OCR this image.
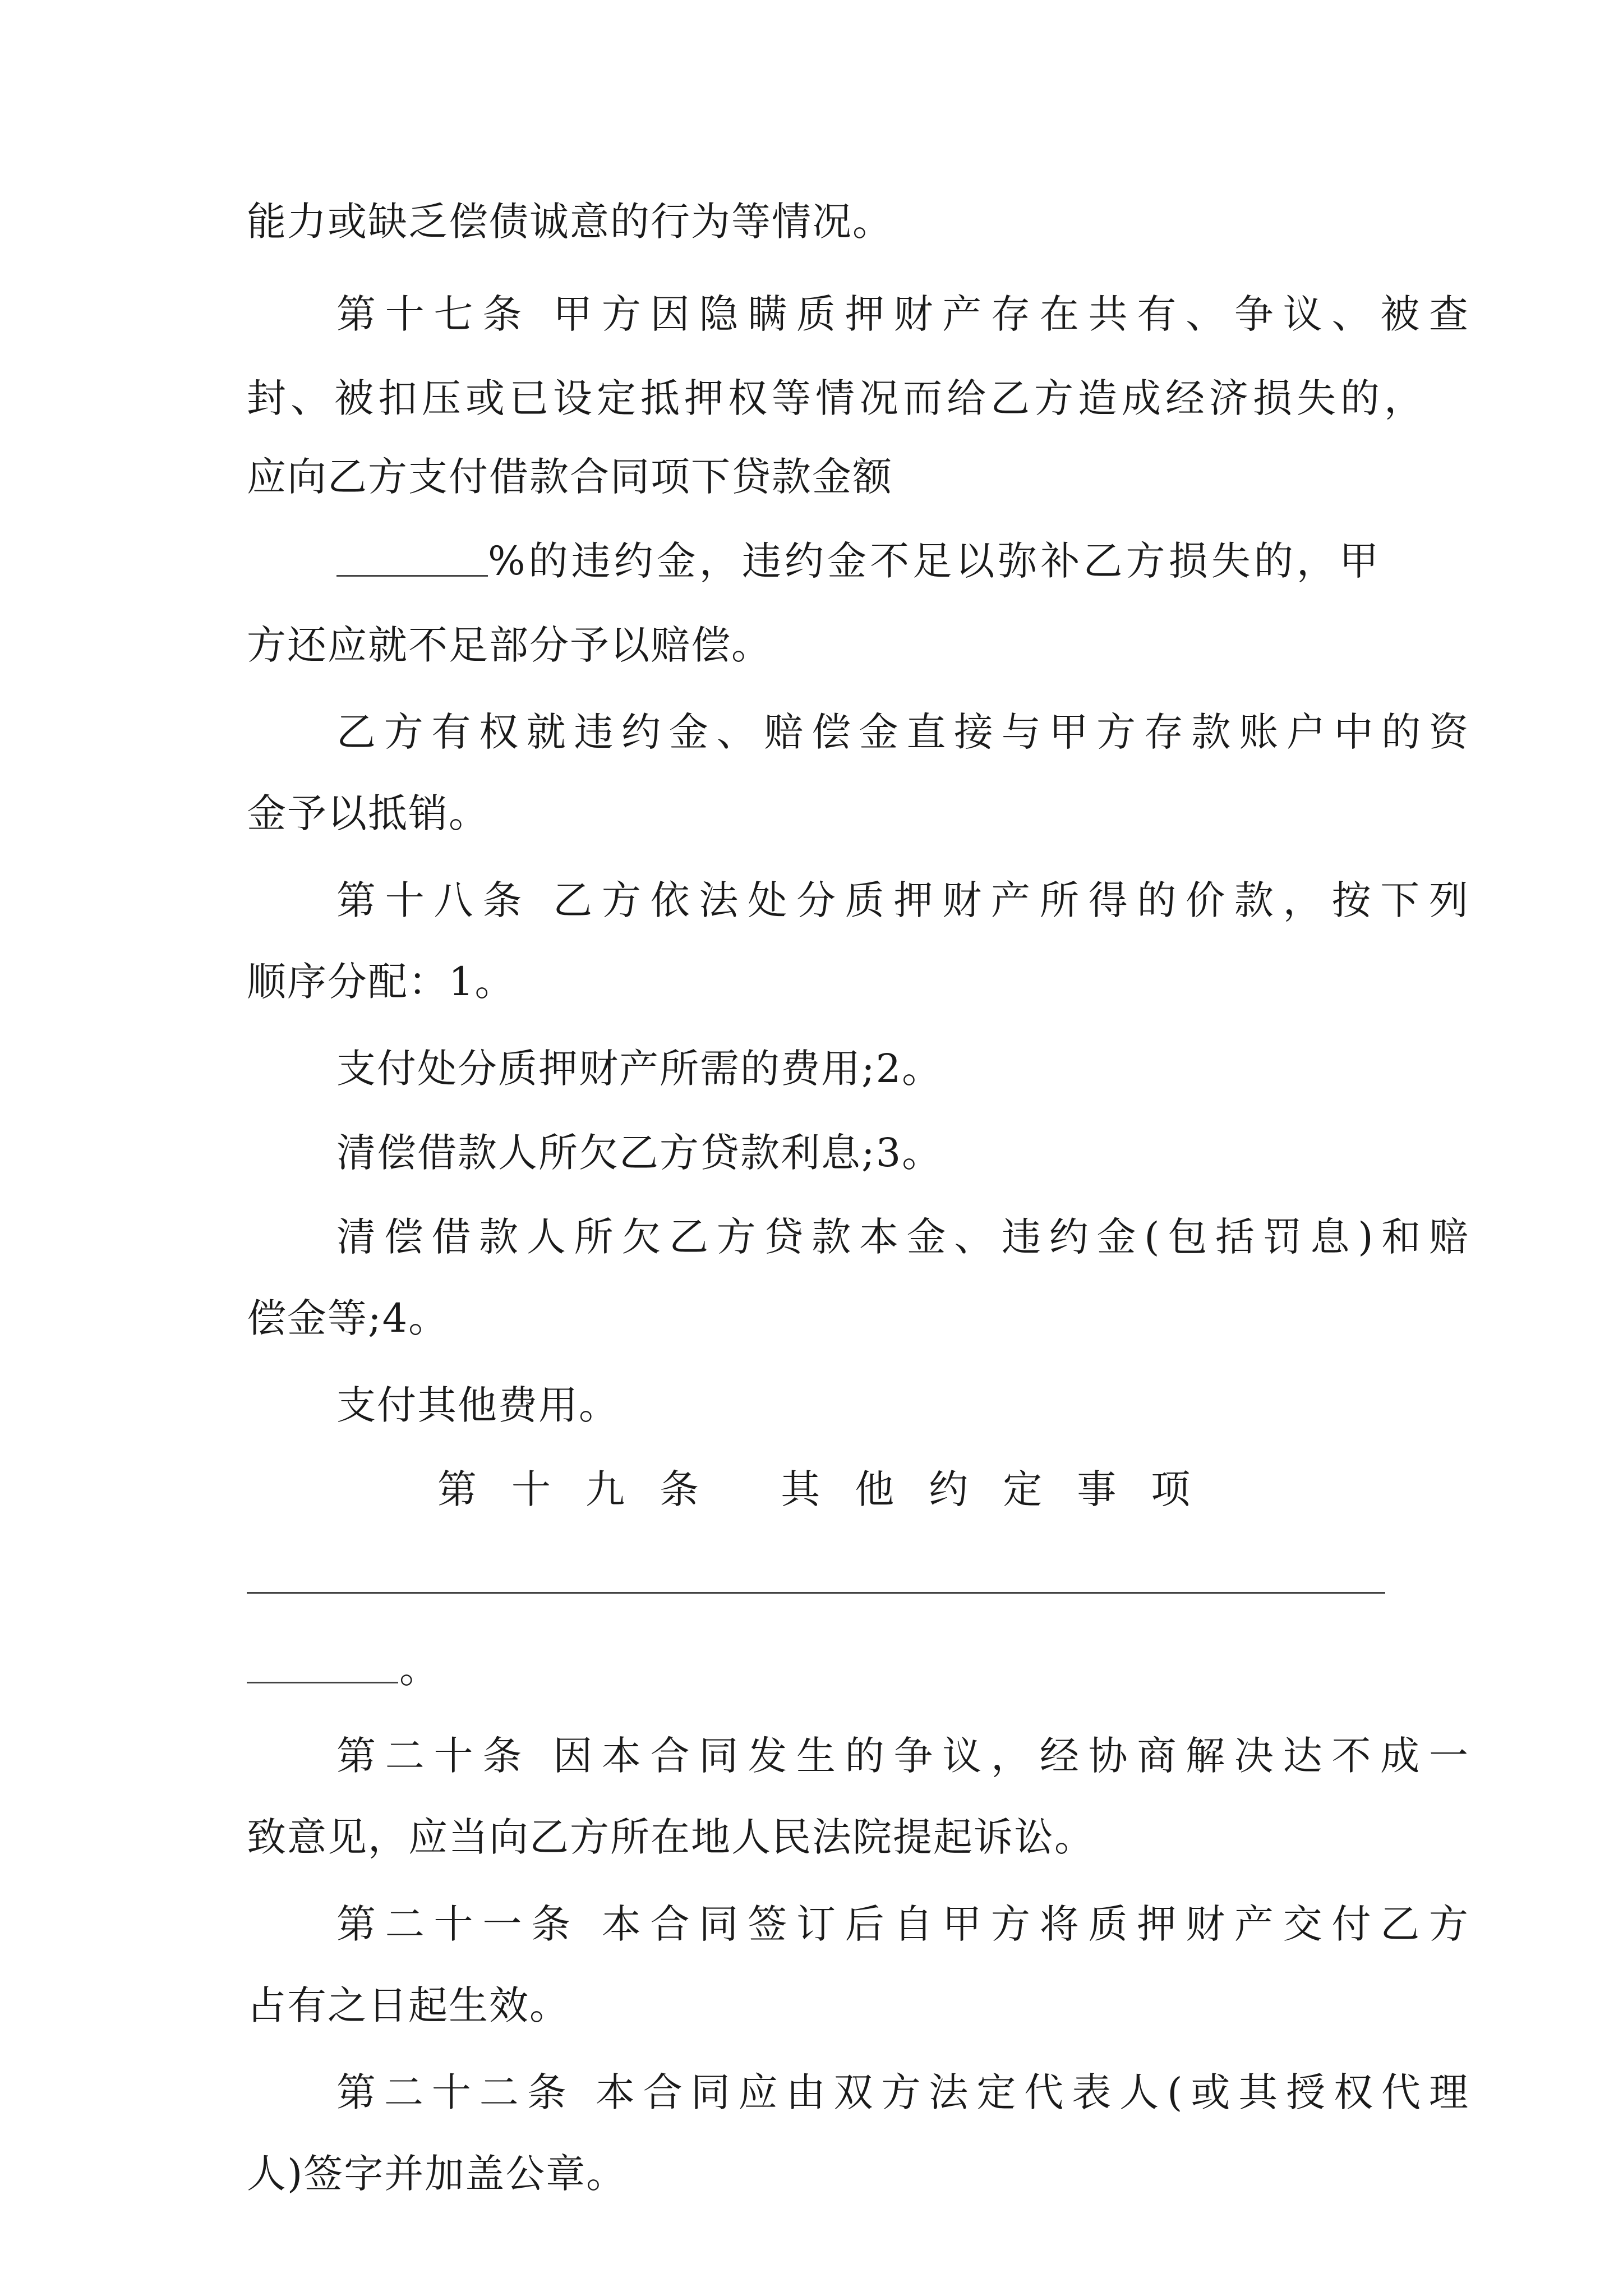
能力或缺乏偿债诚意的行为等情况。
第十七条 甲方因隐瞒质押财产存在共有、争议、被查
封、被扣压或已设定抵押权等情况而给乙方造成经济损失的，
应向乙方支付借款合同项下贷款金额
%的违约金，违约金不足以弥补乙方损失的，甲
方还应就不足部分予以赔偿。
乙方有权就违约金、赔偿金直接与甲方存款账户中的资
金予以抵销。
第十八条 乙方依法处分质押财产所得的价款，按下列
顺序分配：1。
支付处分质押财产所需的费用;2。
清偿借款人所欠乙方贷款利息;3。
清偿借款人所欠乙方贷款本金、违约金(包括罚息)和赔
偿金等;4。
支付其他费用。
第十九条 其他约定事项
。
第二十条 因本合同发生的争议，经协商解决达不成一
致意见，应当向乙方所在地人民法院提起诉讼。
第二十一条 本合同签订后自甲方将质押财产交付乙方
占有之日起生效。
第二十二条 本合同应由双方法定代表人(或其授权代理
人)签字并加盖公章。
